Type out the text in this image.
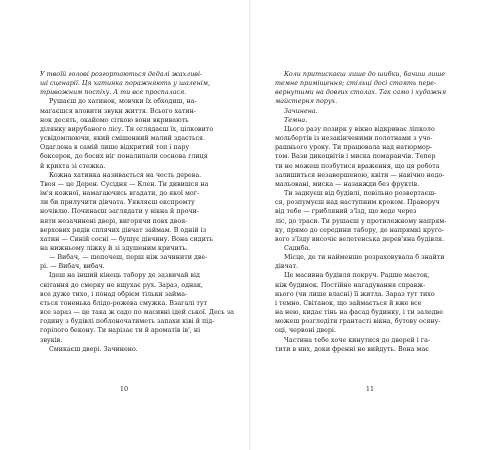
У твоїй голові розгортаються дедалі жахливі-
ші сценарії. Ця хатинка поражняють у шаленім,
тривожним поспіху. А ти все проспалася.
Рушаєш до хатинок, мовчки їх обходиш, на-
магаєшся вловити звуки життя. Всього хатин-
нок десять, окайомо сіткою вони вкривають
ділянку вирубаного лісу. Ти оглядаєш їх, цілковито
усвідомлюючи, який смішенний малий здається.
Одаглена в самій лише відкритий топ і пару
боксерок, до босих ніг поналипали соснова глиця
й крихта зі стежка.
Кожна хатинка називається на честь дерева.
Твоя — це Дерен. Сусідня — Клен. Ти дивишся на
ім'я кожної, намагаючись вгадати, до якої мог-
ли би прилучити дівчата. Уявляєш експромту
ночівлю. Починаєш заглядати у вікна й прочи-
няти незачинені двері, вигорячи повх двоя-
верхових рядів сплячих дівчат займам. В одній із
хатин — Синій сосні — бушує дівчину. Вона сидить
на нижньому ліжку й зі здушеним кричить.
— Вибач, — шепочеш, перш ніж зачинити две-
рі. — Вибач, вибач.
Ідеш на інший кінець табору де зазвичай від
світання до смерку не вщухає рух. Зараз, однак,
все дуже тихо, і понад обрієм тільки займа-
ється тоненька блідо-рожева смужка. Взагалі тут
все зараз — це така ж садо по масивні ідей ської. Десь за
годину з будівлі поблоночатиметь запахи ківі й під-
горілого бекону. Ти нарізає ти й ароматів ів', ні
звуків.
Смикаєш двері. Зачинено.
10
Коли притискаєш лише до шибки, бачиш лише
темне приміщення; стільці досі стоять пере-
вернутими на довгих столах. Так само і художня
майстерня порух.
Зачинена.
Темна.
Цього разу позирк у вікно відкриває ліпколо
мольбертів із незакінченими полотнами з учо-
рашнього уроку. Ти працювала над натюрмор-
том. Вази дикоцвітів і миска помаранчів. Тепер
ти не можеш позбутися враження, що ця робота
залишиться незавершеною, квіти — навічно недо-
мальовані, миска — назавжди без фруктів.
Ти задкуєш від будівлі, повільно розвертаєш-
ся, розпумуєш над наступним кроком. Праворуч
від тебе — грибляний з'їзд, що веде через
ліс, до траси. Ти рушаєш у протилежному напрям-
ку, прямо до середини табору, де напрямкі круго-
вого з'їзду височіє велетенська дерев'яна будівля.
Садиба.
Місце, де ти найменше розраховувала б знайти
дівчат.
Це масивна будівля покруч. Радше маєток,
ніж будинок. Постійне нагадування справж-
нього (чи лише власні) її житла. Зараз тут тихо
і темно. Світанок, що займається й вже все
на нею, кидає тінь на фасад будинку, і ти заледве
можеш розгледіти грантасті вікна, бутову осяну-
оці, червоні двері.
Частина тебе хоче кинутися до дверей і га-
тити в них, доки френні не вийдуть. Вона має
11
